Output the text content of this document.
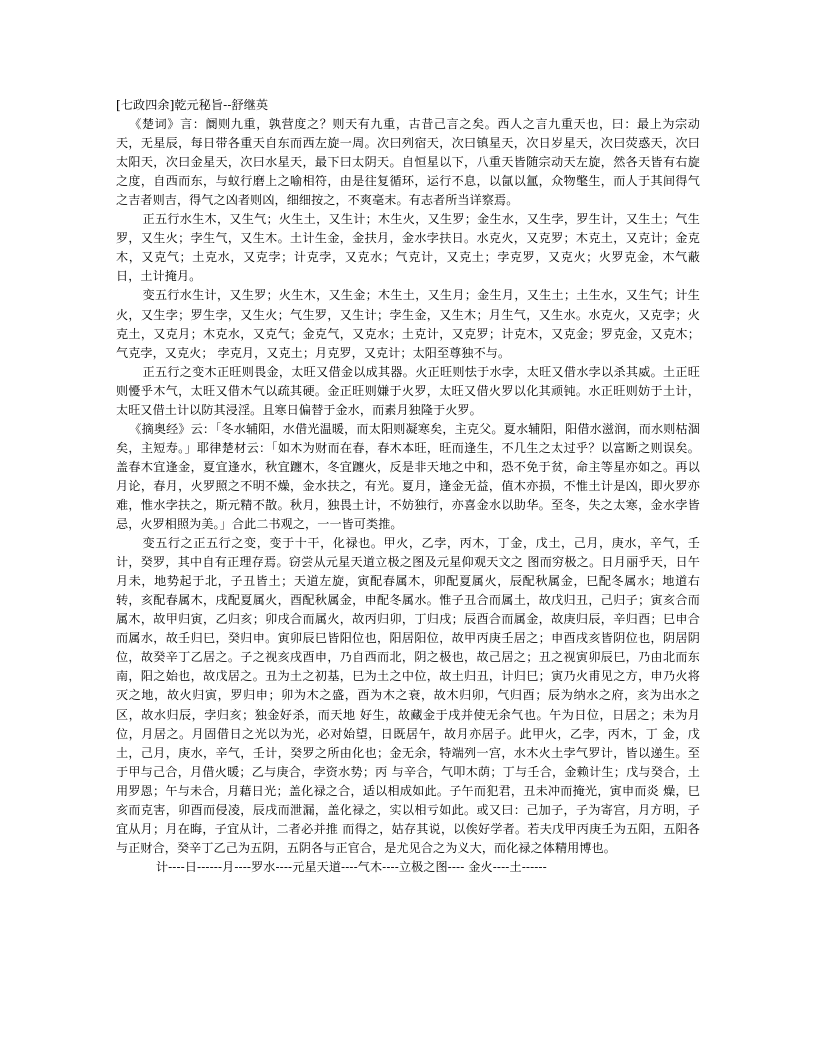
[七政四余]乾元秘旨--舒继英

《楚词》言：阛则九重，孰营度之？则天有九重，古昔己言之矣。西人之言九重天也，曰：最上为宗动天，无星辰，每日带各重天自东而西左旋一周。次曰列宿天，次曰镇星天，次日岁星天，次曰荧惑天，次曰太阳天，次曰金星天，次曰水星天，最下曰太阴天。自恒星以下，八重天皆随宗动天左旋，然各天皆有右旋之度，自西而东，与蚁行磨上之喻相符，由是往复循环，运行不息，以氤以氲，众物氅生，而人于其间得气之吉者则吉，得气之凶者则凶，细细按之，不爽毫末。有志者所当详察焉。

正五行水生木，又生气；火生土，又生计；木生火，又生罗；金生水，又生孛，罗生计，又生土；气生罗，又生火；孛生气，又生木。土计生金，金扶月，金水孛扶日。水克火，又克罗；木克土，又克计；金克木，又克气；土克水，又克孛；计克孛，又克水；气克计，又克土；孛克罗，又克火；火罗克金，木气蔽日，土计掩月。

变五行水生计，又生罗；火生木，又生金；木生土，又生月；金生月，又生土；土生水，又生气；计生火，又生孛；罗生孛，又生火；气生罗，又生计；孛生金，又生木；月生气，又生水。水克火，又克孛；火克土，又克月；木克水，又克气；金克气，又克水；土克计，又克罗；计克木，又克金；罗克金，又克木；气克孛，又克火； 孛克月，又克土；月克罗，又克计；太阳至尊独不与。

正五行之变木正旺则畏金，太旺又借金以成其器。火正旺则怯于水孛，太旺又借水孛以杀其威。土正旺则懮乎木气，太旺又借木气以疏其硬。金正旺则嫌于火罗，太旺又借火罗以化其顽钝。水正旺则妨于土计，太旺又借土计以防其浸淫。且寒日偏替于金水，而素月独隆于火罗。

《摘奥经》云：「冬水辅阳，水借光温暖，而太阳则凝寒矣，主克父。夏水辅阳，阳借水滋润，而水则枯涸矣，主短寿。」耶律楚材云：「如木为财而在春，春木本旺，旺而逢生，不几生之太过乎？以富断之则误矣。盖春木宜逢金，夏宜逢水，秋宜躔木，冬宜躔火，反是非天地之中和，恐不免于贫，命主等星亦如之。再以月论，春月，火罗照之不明不燥，金水扶之，有光。夏月，逢金无益，值木亦损，不惟土计是凶，即火罗亦难，惟水孛扶之，斯元精不散。秋月，独畏土计，不妨独行，亦喜金水以助华。至冬，失之太寒，金水孛皆忌，火罗相照为美。」合此二书观之，一一皆可类推。

变五行之正五行之变，变于十干，化禄也。甲火，乙孛，丙木，丁金，戊土，己月，庚水，辛气，壬计，癸罗，其中自有正理存焉。窃尝从元星天道立极之图及元星仰观天文之 图而穷极之。日月丽乎天，日午月未，地势起于北，子丑皆土；天道左旋，寅配春属木，卯配夏属火，辰配秋属金，巳配冬属水；地道右转，亥配春属木，戌配夏属火，酉配秋属金，申配冬属水。惟子丑合而属土，故戊归丑，己归子；寅亥合而属木，故甲归寅，乙归亥；卯戌合而属火，故丙归卯，丁归戌；辰酉合而属金，故庚归辰，辛归酉；巳申合而属水，故壬归巳，癸归申。寅卯辰巳皆阳位也，阳居阳位，故甲丙庚壬居之；申酉戌亥皆阴位也，阴居阴位，故癸辛丁乙居之。子之视亥戌酉申，乃自西而北，阴之极也，故己居之；丑之视寅卯辰巳，乃由北而东南，阳之始也，故戊居之。丑为土之初基，巳为土之中位，故土归丑，计归巳；寅乃火甫见之方，申乃火将灭之地，故火归寅，罗归申；卯为木之盛，酉为木之衰，故木归卯，气归酉；辰为纳水之府，亥为出水之区，故水归辰，孛归亥；独金好杀，而天地 好生，故藏金于戌并使无余气也。午为日位，日居之；未为月位，月居之。月固借日之光以为光，必对始望，日既居午，故月亦居子。此甲火，乙孛，丙木，丁 金，戊土，己月，庚水，辛气，壬计，癸罗之所由化也；金无余，特端列一宫，水木火土孛气罗计，皆以递生。至于甲与己合，月借火暖；乙与庚合，孛资水势；丙 与辛合，气叩木荫；丁与壬合，金赖计生；戊与癸合，土用罗恩；午与未合，月藉日光；盖化禄之合，适以相成如此。子午而犯君，丑未冲而掩光，寅申而炎 燥，巳亥而克害，卯酉而侵凌，辰戌而泄漏，盖化禄之，实以相亏如此。或又曰：己加子，子为寄宫，月方明，子宜从月；月在晦，子宜从计，二者必并推 而得之，姑存其说，以俟好学者。若夫戊甲丙庚壬为五阳，五阳各与正财合，癸辛丁乙己为五阴，五阴各与正官合，是尤见合之为义大，而化禄之体精用博也。

计----日------月----罗水----元星天道----气木----立极之图---- 金火----土------
